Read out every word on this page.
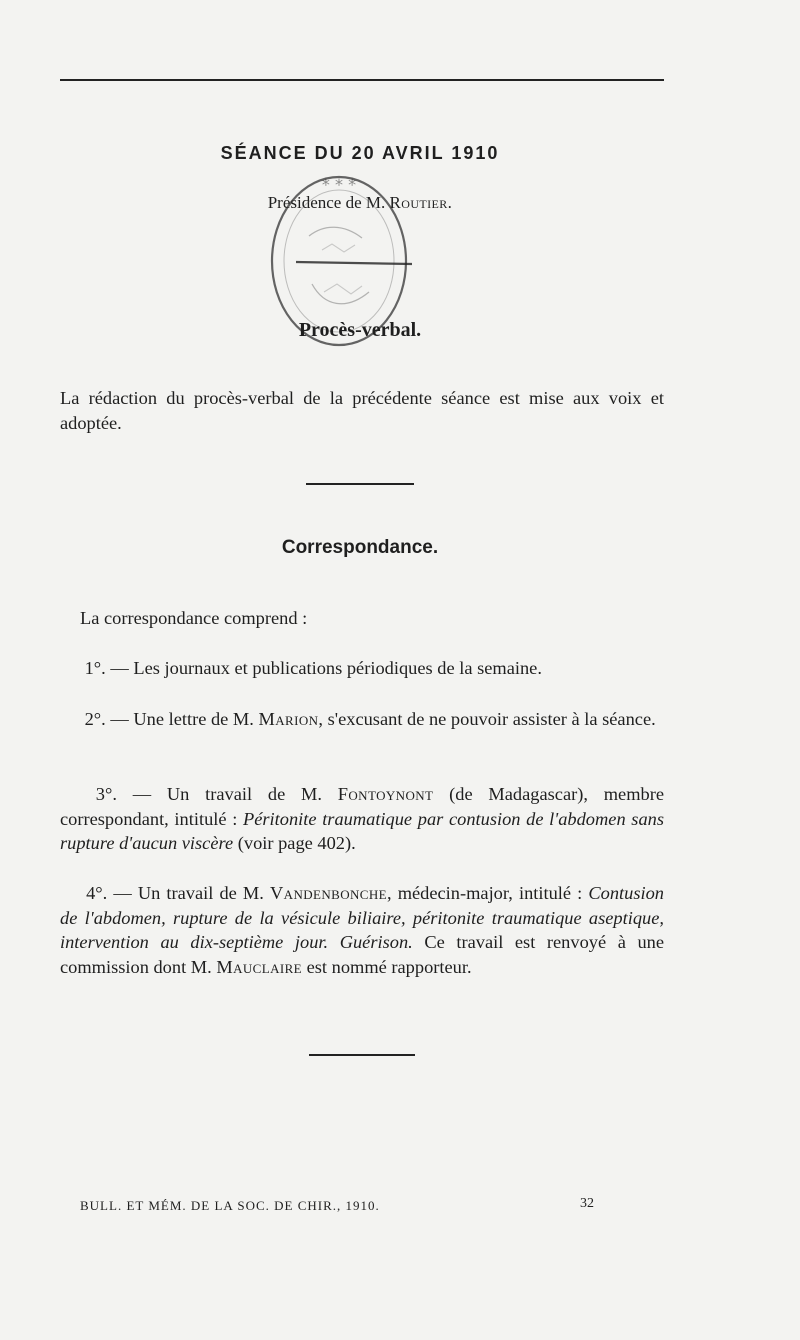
SÉANCE DU 20 AVRIL 1910
Présidence de M. Routier.
* * *
Procès-verbal.
La rédaction du procès-verbal de la précédente séance est mise aux voix et adoptée.
Correspondance.
La correspondance comprend :
1°. — Les journaux et publications périodiques de la semaine.
2°. — Une lettre de M. Marion, s'excusant de ne pouvoir assister à la séance.
3°. — Un travail de M. Fontoynont (de Madagascar), membre correspondant, intitulé : Péritonite traumatique par contusion de l'abdomen sans rupture d'aucun viscère (voir page 402).
4°. — Un travail de M. Vandenbonche, médecin-major, intitulé : Contusion de l'abdomen, rupture de la vésicule biliaire, péritonite traumatique aseptique, intervention au dix-septième jour. Guérison. Ce travail est renvoyé à une commission dont M. Mauclaire est nommé rapporteur.
BULL. ET MÉM. DE LA SOC. DE CHIR., 1910.	32
